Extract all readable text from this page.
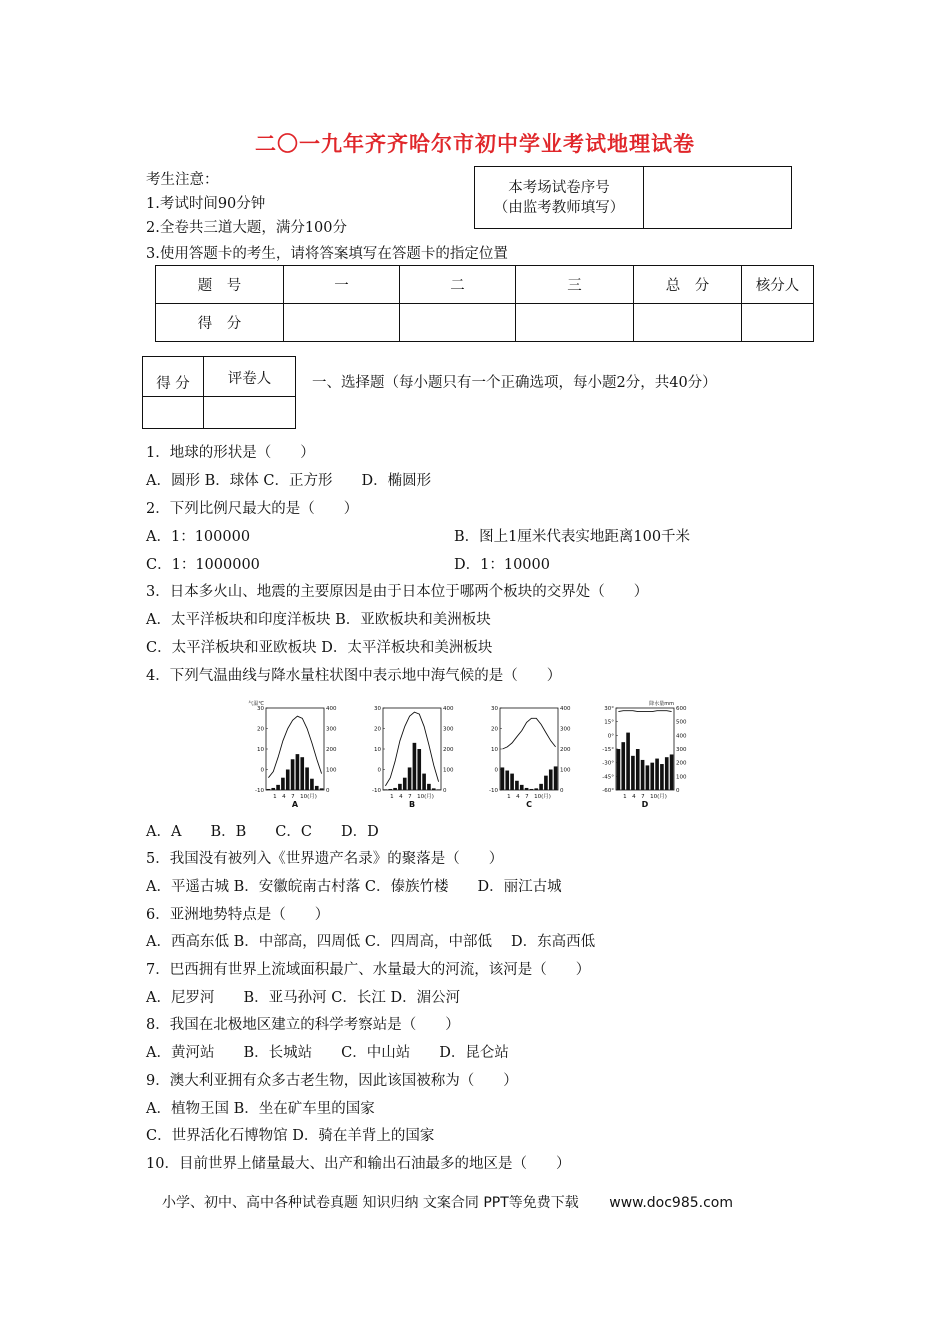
二〇一九年齐齐哈尔市初中学业考试地理试卷
考生注意：
1.考试时间90分钟
2.全卷共三道大题，满分100分
3.使用答题卡的考生，请将答案填写在答题卡的指定位置
本考场试卷序号
（由监考教师填写）

题　号	一	二	三	总　分	核分人
得　分					
得 分	评卷人
		一、选择题（每小题只有一个正确选项，每小题2分，共40分）
1．地球的形状是（　　）
A．圆形 B．球体 C．正方形　　D．椭圆形
2．下列比例尺最大的是（　　）
A．1：100000	B．图上1厘米代表实地距离100千米
C．1：1000000	D．1：10000
3．日本多火山、地震的主要原因是由于日本位于哪两个板块的交界处（　　）
A．太平洋板块和印度洋板块 B．亚欧板块和美洲板块
C．太平洋板块和亚欧板块 D．太平洋板块和美洲板块
4．下列气温曲线与降水量柱状图中表示地中海气候的是（　　）
气温℃
30
20
10
0
-10
400
300
200
100
0
1　4　7　10(月)
A
30
20
10
0
-10
400
300
200
100
0
1　4　7　10(月)
B
30
20
10
0
-10
400
300
200
100
0
1　4　7　10(月)
C
降水量mm
30°
15°
0°
-15°
-30°
-45°
-60°
600
500
400
300
200
100
0
1　4　7　10(月)
D
A．A　　B．B　　C．C　　D．D
5．我国没有被列入《世界遗产名录》的聚落是（　　）
A．平遥古城 B．安徽皖南古村落 C．傣族竹楼　　D．丽江古城
6．亚洲地势特点是（　　）
A．西高东低 B．中部高，四周低 C．四周高，中部低　 D．东高西低
7．巴西拥有世界上流域面积最广、水量最大的河流，该河是（　　）
A．尼罗河　　B．亚马孙河 C．长江 D．湄公河
8．我国在北极地区建立的科学考察站是（　　）
A．黄河站　　B．长城站　　C．中山站　　D．昆仑站
9．澳大利亚拥有众多古老生物，因此该国被称为（　　）
A．植物王国 B．坐在矿车里的国家
C．世界活化石博物馆 D．骑在羊背上的国家
10．目前世界上储量最大、出产和输出石油最多的地区是（　　）
小学、初中、高中各种试卷真题 知识归纳 文案合同 PPT等免费下载 www.doc985.com
